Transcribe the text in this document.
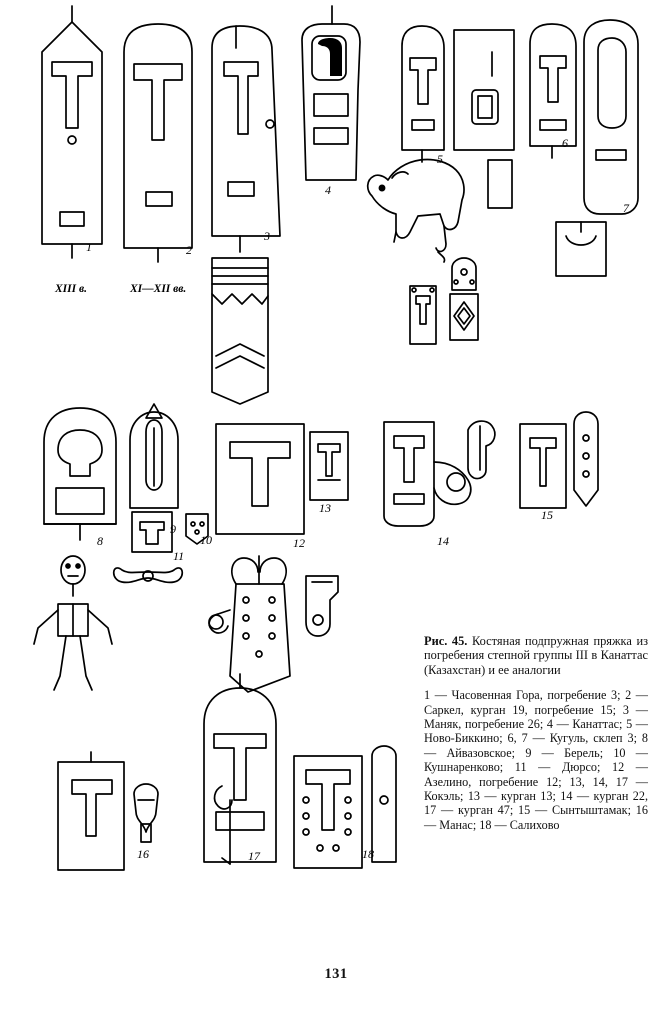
1	2
3
4
5
6
7
8
9
10
11
12
13
14
15
16	17	18
XIII в.	XI—XII вв.

Рис. 45. Костяная подпружная пряжка из погребения степной группы III в Канаттас (Казахстан) и ее аналогии

1 — Часовенная Гора, погребение 3; 2 — Саркел, курган 19, погребение 15; 3 — Маняк, погребение 26; 4 — Канаттас; 5 — Ново-Биккино; 6, 7 — Кугуль, склеп 3; 8 — Айвазовское; 9 — Берель; 10 — Кушнаренково; 11 — Дюрсо; 12 — Азелино, погребение 12; 13, 14, 17 — Кокэль; 13 — курган 13; 14 — курган 22, 17 — курган 47; 15 — Сынтыштамак; 16 — Манас; 18 — Салихово

131
